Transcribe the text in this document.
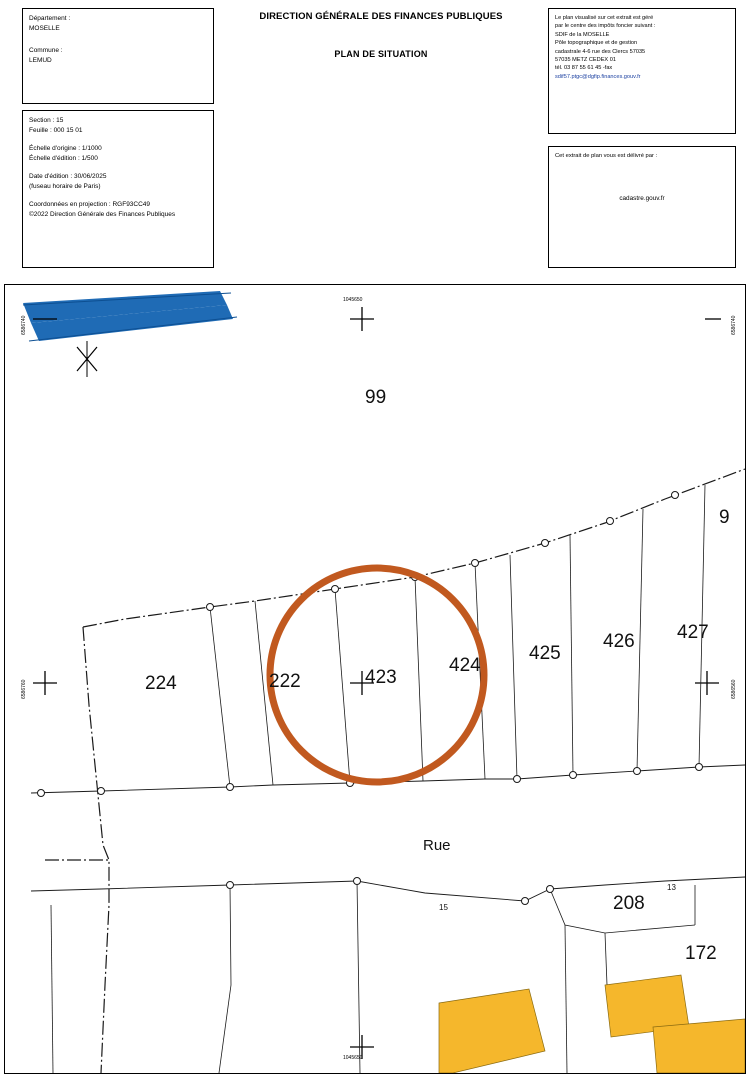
DIRECTION GÉNÉRALE DES FINANCES PUBLIQUES
PLAN DE SITUATION
Département :
MOSELLE
Commune :
LEMUD
Section : 15
Feuille : 000 15 01
Échelle d'origine : 1/1000
Échelle d'édition : 1/500
Date d'édition : 30/06/2025
(fuseau horaire de Paris)
Coordonnées en projection : RGF93CC49
©2022 Direction Générale des Finances Publiques
Le plan visualisé sur cet extrait est géré
par le centre des impôts foncier suivant :
SDIF de la MOSELLE
Pôle topographique et de gestion
cadastrale 4-6 rue des Clercs 57035
57035 METZ CEDEX 01
tél. 03 87 55 61 45 -fax
sdif57.ptgc@dgfip.finances.gouv.fr
Cet extrait de plan vous est délivré par :
cadastre.gouv.fr
1045650
1045650
6586740
6586760
6586740
6586560
99
9
224	222	423
424
425
426 427
208
172
13
15
Rue
